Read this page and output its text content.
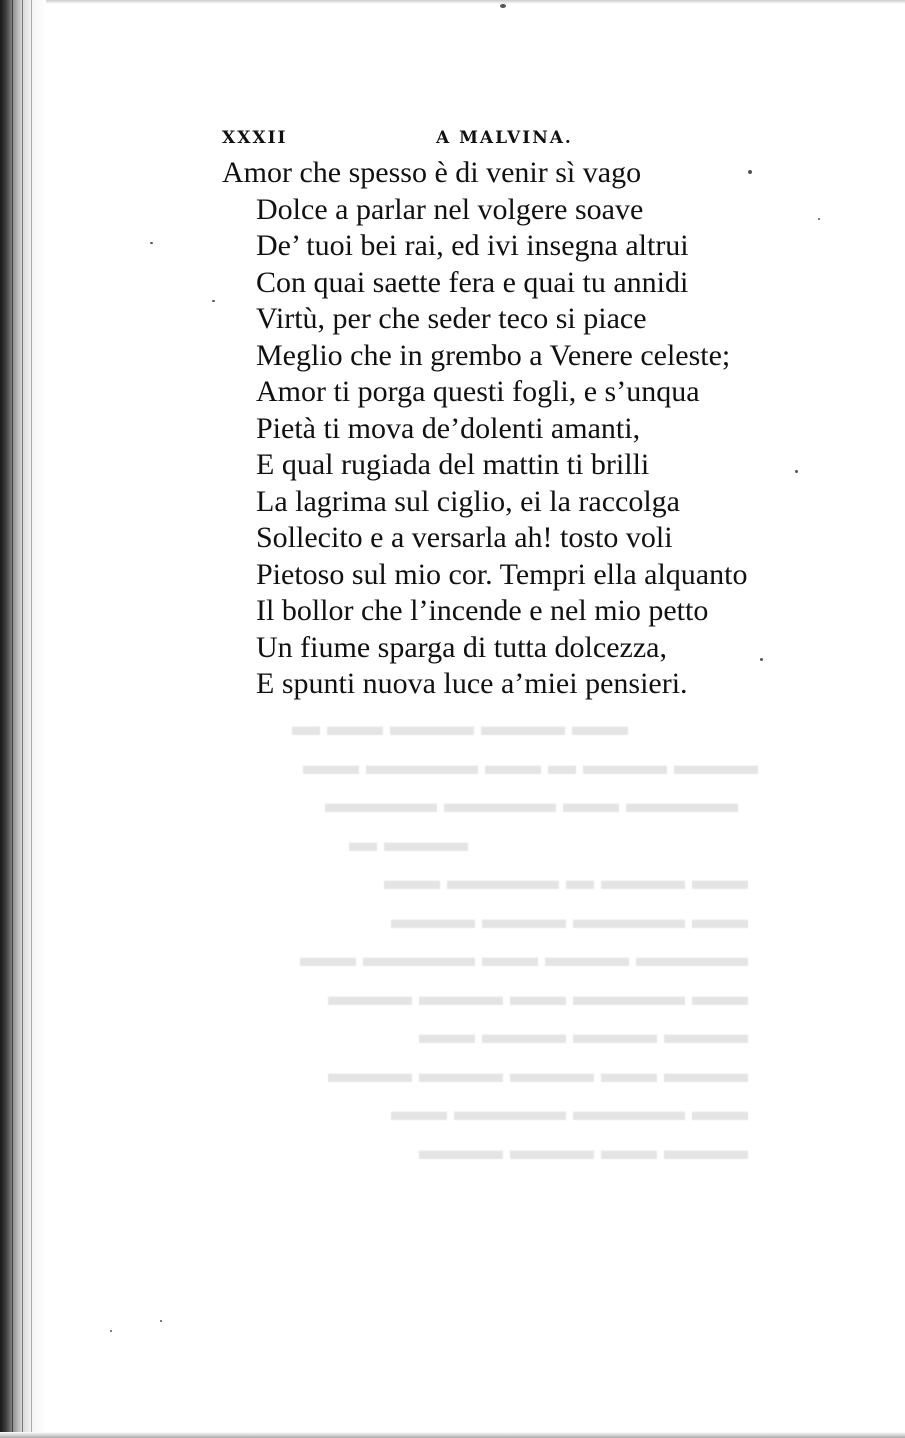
XXXII	A MALVINA.
Amor che spesso è di venir sì vago
Dolce a parlar nel volgere soave
De’ tuoi bei rai, ed ivi insegna altrui
Con quai saette fera e quai tu annidi
Virtù, per che seder teco si piace
Meglio che in grembo a Venere celeste;
Amor ti porga questi fogli, e s’unqua
Pietà ti mova de’dolenti amanti,
E qual rugiada del mattin ti brilli
La lagrima sul ciglio, ei la raccolga
Sollecito e a versarla ah! tosto voli
Pietoso sul mio cor. Tempri ella alquanto
Il bollor che l’incende e nel mio petto
Un fiume sparga di tutta dolcezza,
E spunti nuova luce a’miei pensieri.
▬▬ ▬▬▬ ▬▬▬ ▬▬ ▬
▬▬▬ ▬▬▬ ▬ ▬▬ ▬▬▬▬ ▬▬
▬▬▬▬ ▬▬ ▬▬▬▬ ▬▬▬▬
▬▬▬ ▬
▬▬ ▬▬▬ ▬ ▬▬▬▬ ▬▬
▬▬ ▬▬▬▬ ▬▬▬ ▬▬▬
▬▬▬▬ ▬▬▬ ▬▬ ▬▬▬▬ ▬▬
▬▬ ▬▬▬▬ ▬▬ ▬▬▬ ▬▬▬
▬▬▬ ▬▬▬ ▬▬▬ ▬▬
▬▬▬ ▬▬ ▬▬▬ ▬▬▬ ▬▬▬
▬▬ ▬▬▬▬ ▬▬▬▬ ▬▬
▬▬▬ ▬▬ ▬▬▬ ▬▬▬
